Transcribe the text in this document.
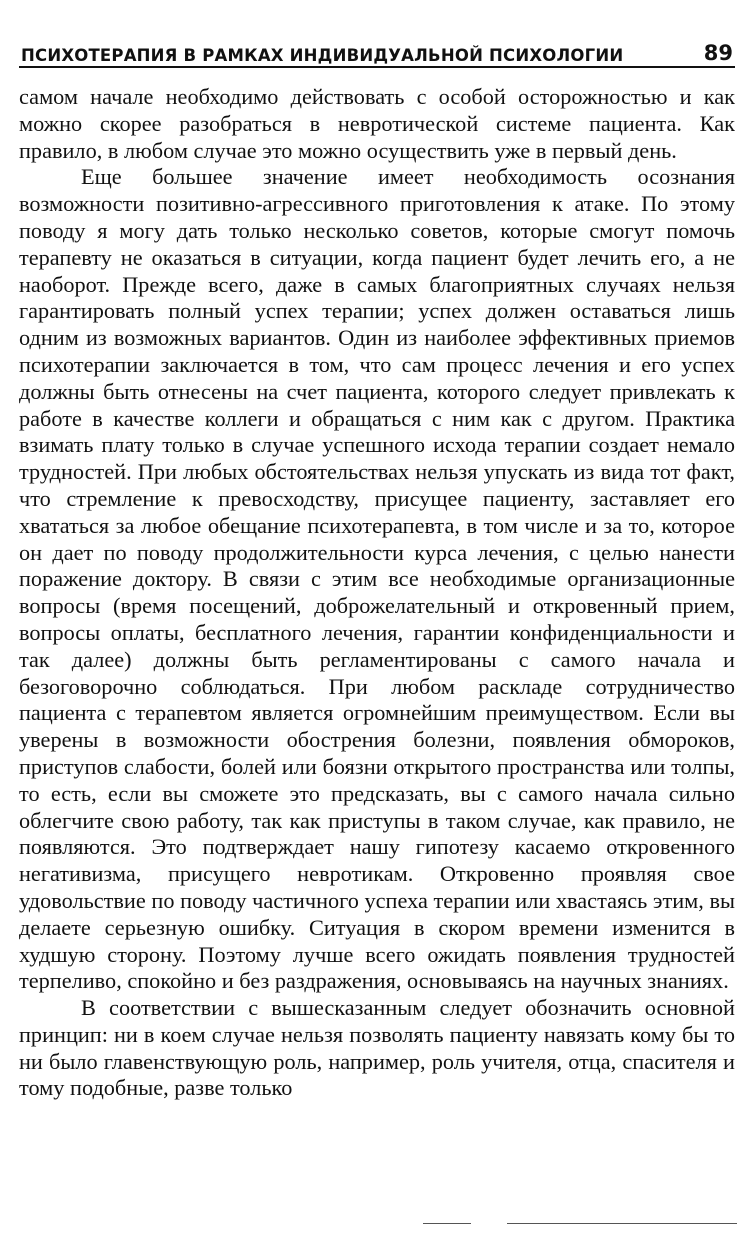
ПСИХОТЕРАПИЯ В РАМКАХ ИНДИВИДУАЛЬНОЙ ПСИХОЛОГИИ	89

самом начале необходимо действовать с особой осторожностью и как можно скорее разобраться в невротической системе пациента. Как правило, в любом случае это можно осуществить уже в первый день.

Еще большее значение имеет необходимость осознания возможности позитивно-агрессивного приготовления к атаке. По этому поводу я могу дать только несколько советов, которые смогут помочь терапевту не оказаться в ситуации, когда пациент будет лечить его, а не наоборот. Прежде всего, даже в самых благоприятных случаях нельзя гарантировать полный успех терапии; успех должен оставаться лишь одним из возможных вариантов. Один из наиболее эффективных приемов психотерапии заключается в том, что сам процесс лечения и его успех должны быть отнесены на счет пациента, которого следует привлекать к работе в качестве коллеги и обращаться с ним как с другом. Практика взимать плату только в случае успешного исхода терапии создает немало трудностей. При любых обстоятельствах нельзя упускать из вида тот факт, что стремление к превосходству, присущее пациенту, заставляет его хвататься за любое обещание психотерапевта, в том числе и за то, которое он дает по поводу продолжительности курса лечения, с целью нанести поражение доктору. В связи с этим все необходимые организационные вопросы (время посещений, доброжелательный и откровенный прием, вопросы оплаты, бесплатного лечения, гарантии конфиденциальности и так далее) должны быть регламентированы с самого начала и безоговорочно соблюдаться. При любом раскладе сотрудничество пациента с терапевтом является огромнейшим преимуществом. Если вы уверены в возможности обострения болезни, появления обмороков, приступов слабости, болей или боязни открытого пространства или толпы, то есть, если вы сможете это предсказать, вы с самого начала сильно облегчите свою работу, так как приступы в таком случае, как правило, не появляются. Это подтверждает нашу гипотезу касаемо откровенного негативизма, присущего невротикам. Откровенно проявляя свое удовольствие по поводу частичного успеха терапии или хвастаясь этим, вы делаете серьезную ошибку. Ситуация в скором времени изменится в худшую сторону. Поэтому лучше всего ожидать появления трудностей терпеливо, спокойно и без раздражения, основываясь на научных знаниях.

В соответствии с вышесказанным следует обозначить основной принцип: ни в коем случае нельзя позволять пациенту навязать кому бы то ни было главенствующую роль, например, роль учителя, отца, спасителя и тому подобные, разве только
